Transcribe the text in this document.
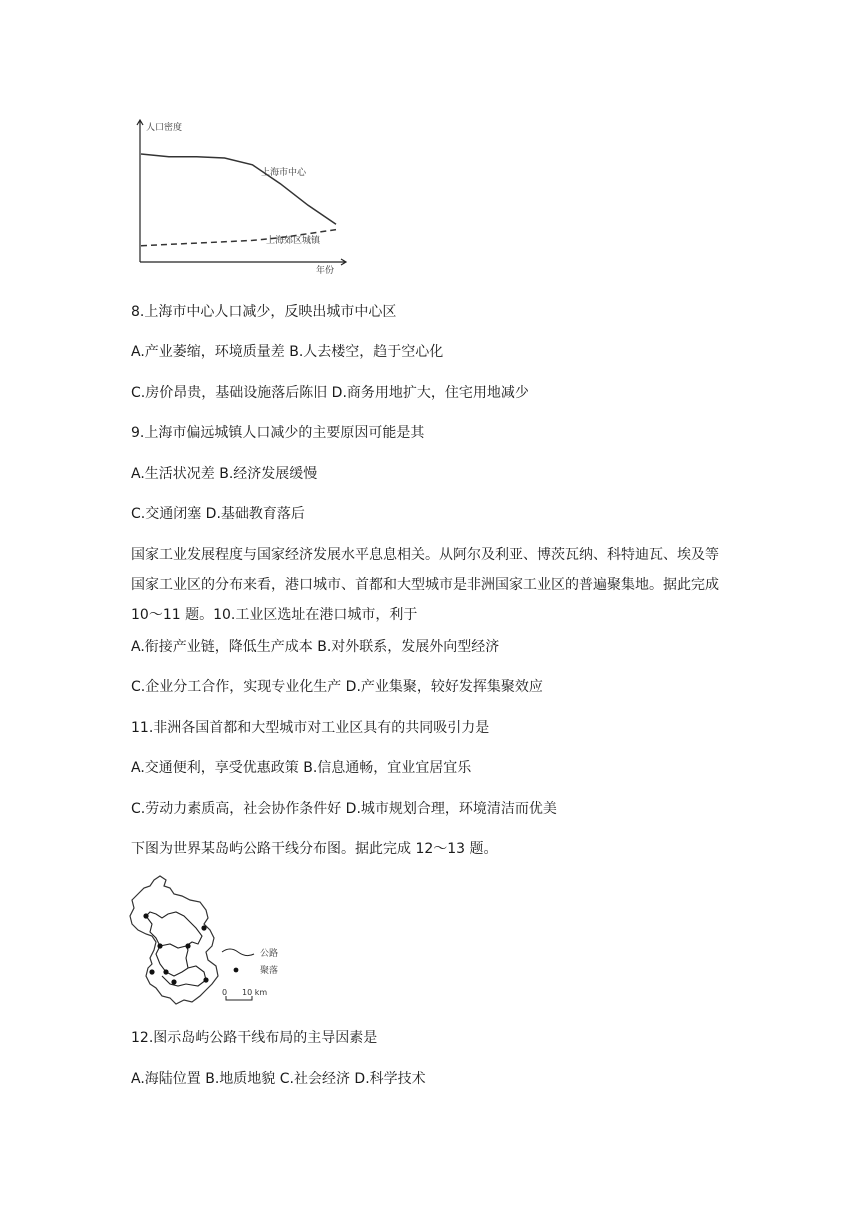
人口密度
年份
上海市中心
上海郊区城镇
8.上海市中心人口减少，反映出城市中心区
A.产业萎缩，环境质量差 B.人去楼空，趋于空心化
C.房价昂贵，基础设施落后陈旧 D.商务用地扩大，住宅用地减少
9.上海市偏远城镇人口减少的主要原因可能是其
A.生活状况差 B.经济发展缓慢
C.交通闭塞 D.基础教育落后
国家工业发展程度与国家经济发展水平息息相关。从阿尔及利亚、博茨瓦纳、科特迪瓦、埃及等国家工业区的分布来看，港口城市、首都和大型城市是非洲国家工业区的普遍聚集地。据此完成 10～11 题。10.工业区选址在港口城市，利于
A.衔接产业链，降低生产成本 B.对外联系，发展外向型经济
C.企业分工合作，实现专业化生产 D.产业集聚，较好发挥集聚效应
11.非洲各国首都和大型城市对工业区具有的共同吸引力是
A.交通便利，享受优惠政策 B.信息通畅，宜业宜居宜乐
C.劳动力素质高，社会协作条件好 D.城市规划合理，环境清洁而优美
下图为世界某岛屿公路干线分布图。据此完成 12～13 题。
公路
聚落
0 10 km
12.图示岛屿公路干线布局的主导因素是
A.海陆位置 B.地质地貌 C.社会经济 D.科学技术
